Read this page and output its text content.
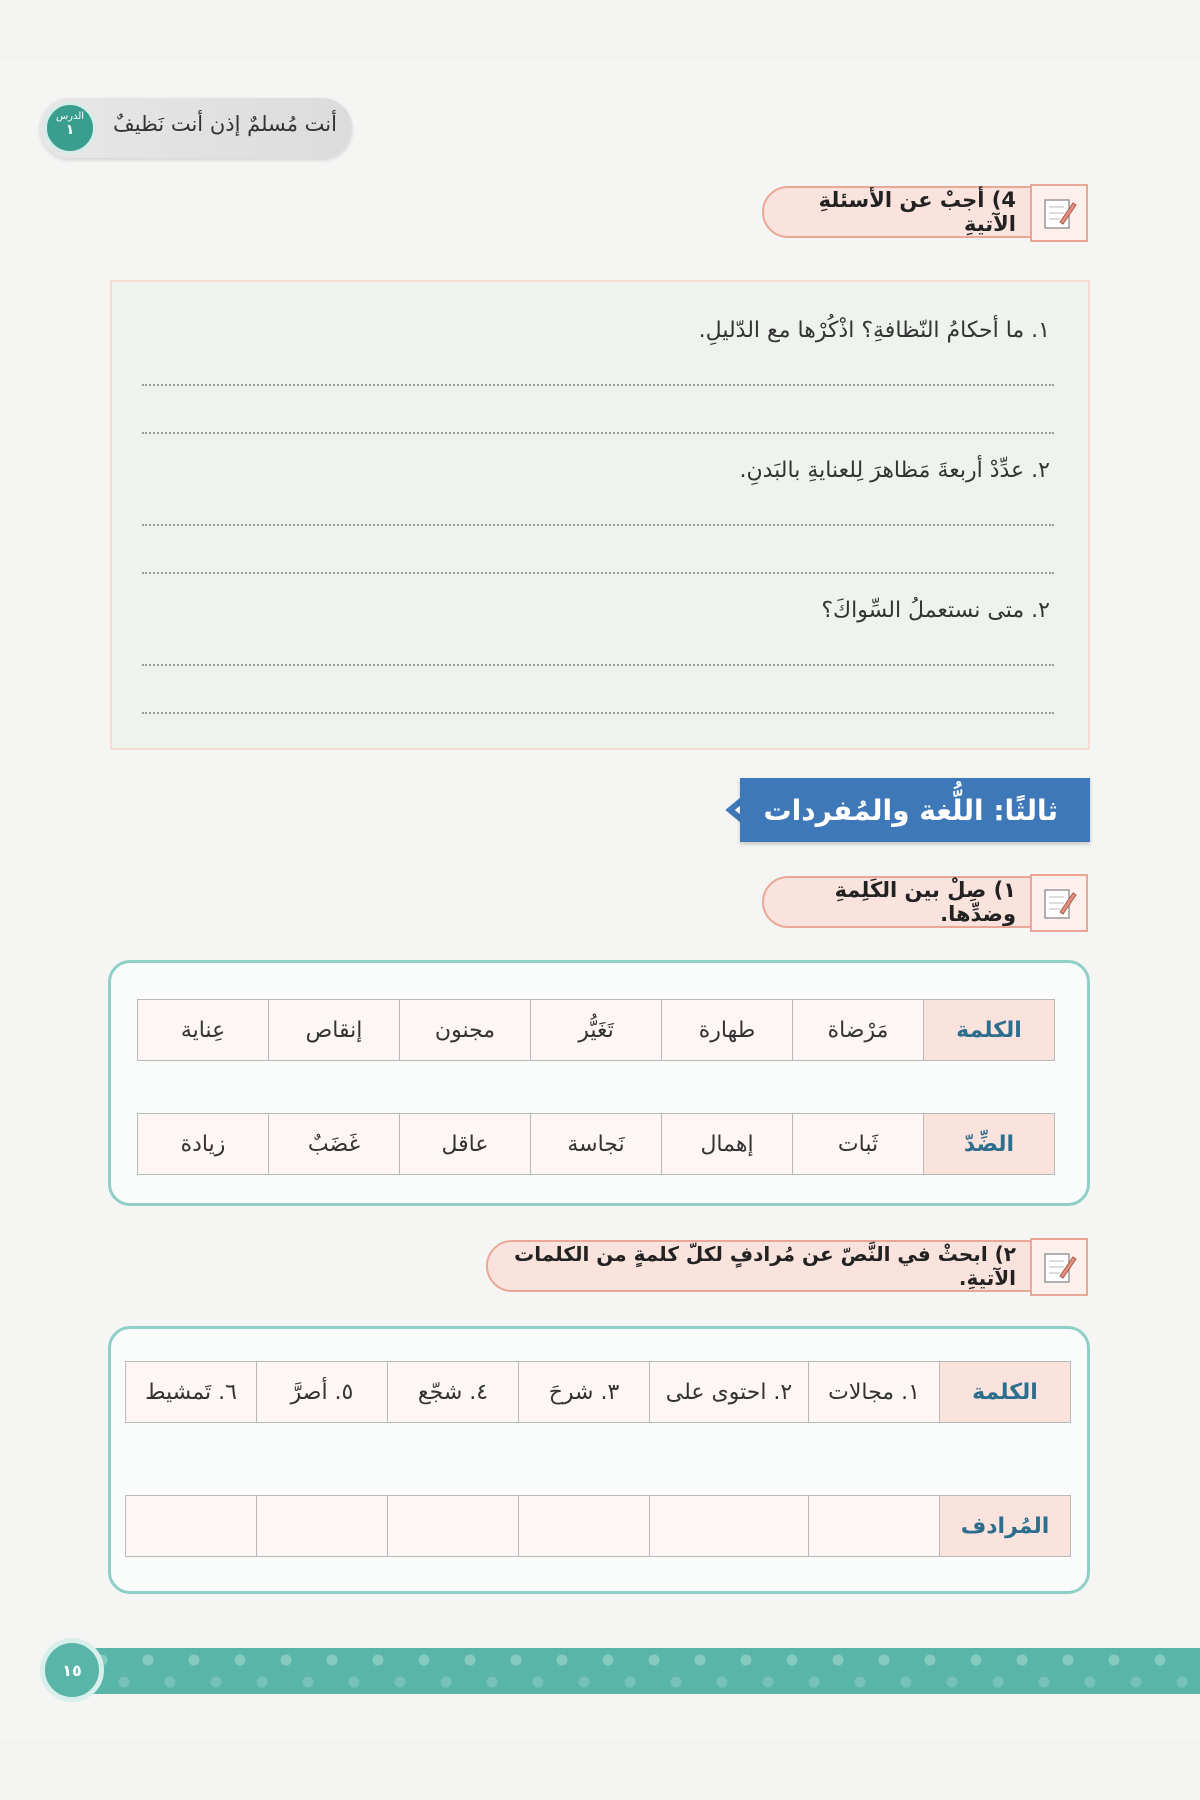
الدرس
١	أنت مُسلمٌ إذن أنت نَظيفٌ
4) أجبْ عن الأسئلةِ الآتيةِ
١. ما أحكامُ النّظافةِ؟ اذْكُرْها مع الدّليلِ.
٢. عدِّدْ أربعةَ مَظاهرَ لِلعنايةِ بالبَدنِ.
٢. متى نستعملُ السِّواكَ؟
ثالثًا: اللُّغة والمُفردات
١) صِلْ بين الكَلِمةِ وضدِّها.
الكلمة
مَرْضاة
طهارة
تَغَيُّر
مجنون
إنقاص
عِناية
الضِّدّ
ثَبات
إهمال
نَجاسة
عاقل
غَضَبٌ
زيادة
٢) ابحثْ في النَّصّ عن مُرادفٍ لكلّ كلمةٍ من الكلمات الآتيةِ.
الكلمة
١. مجالات
٢. احتوى على
٣. شرحَ
٤. شجّع
٥. أصرَّ
٦. تَمشيط
المُرادف
١٥
